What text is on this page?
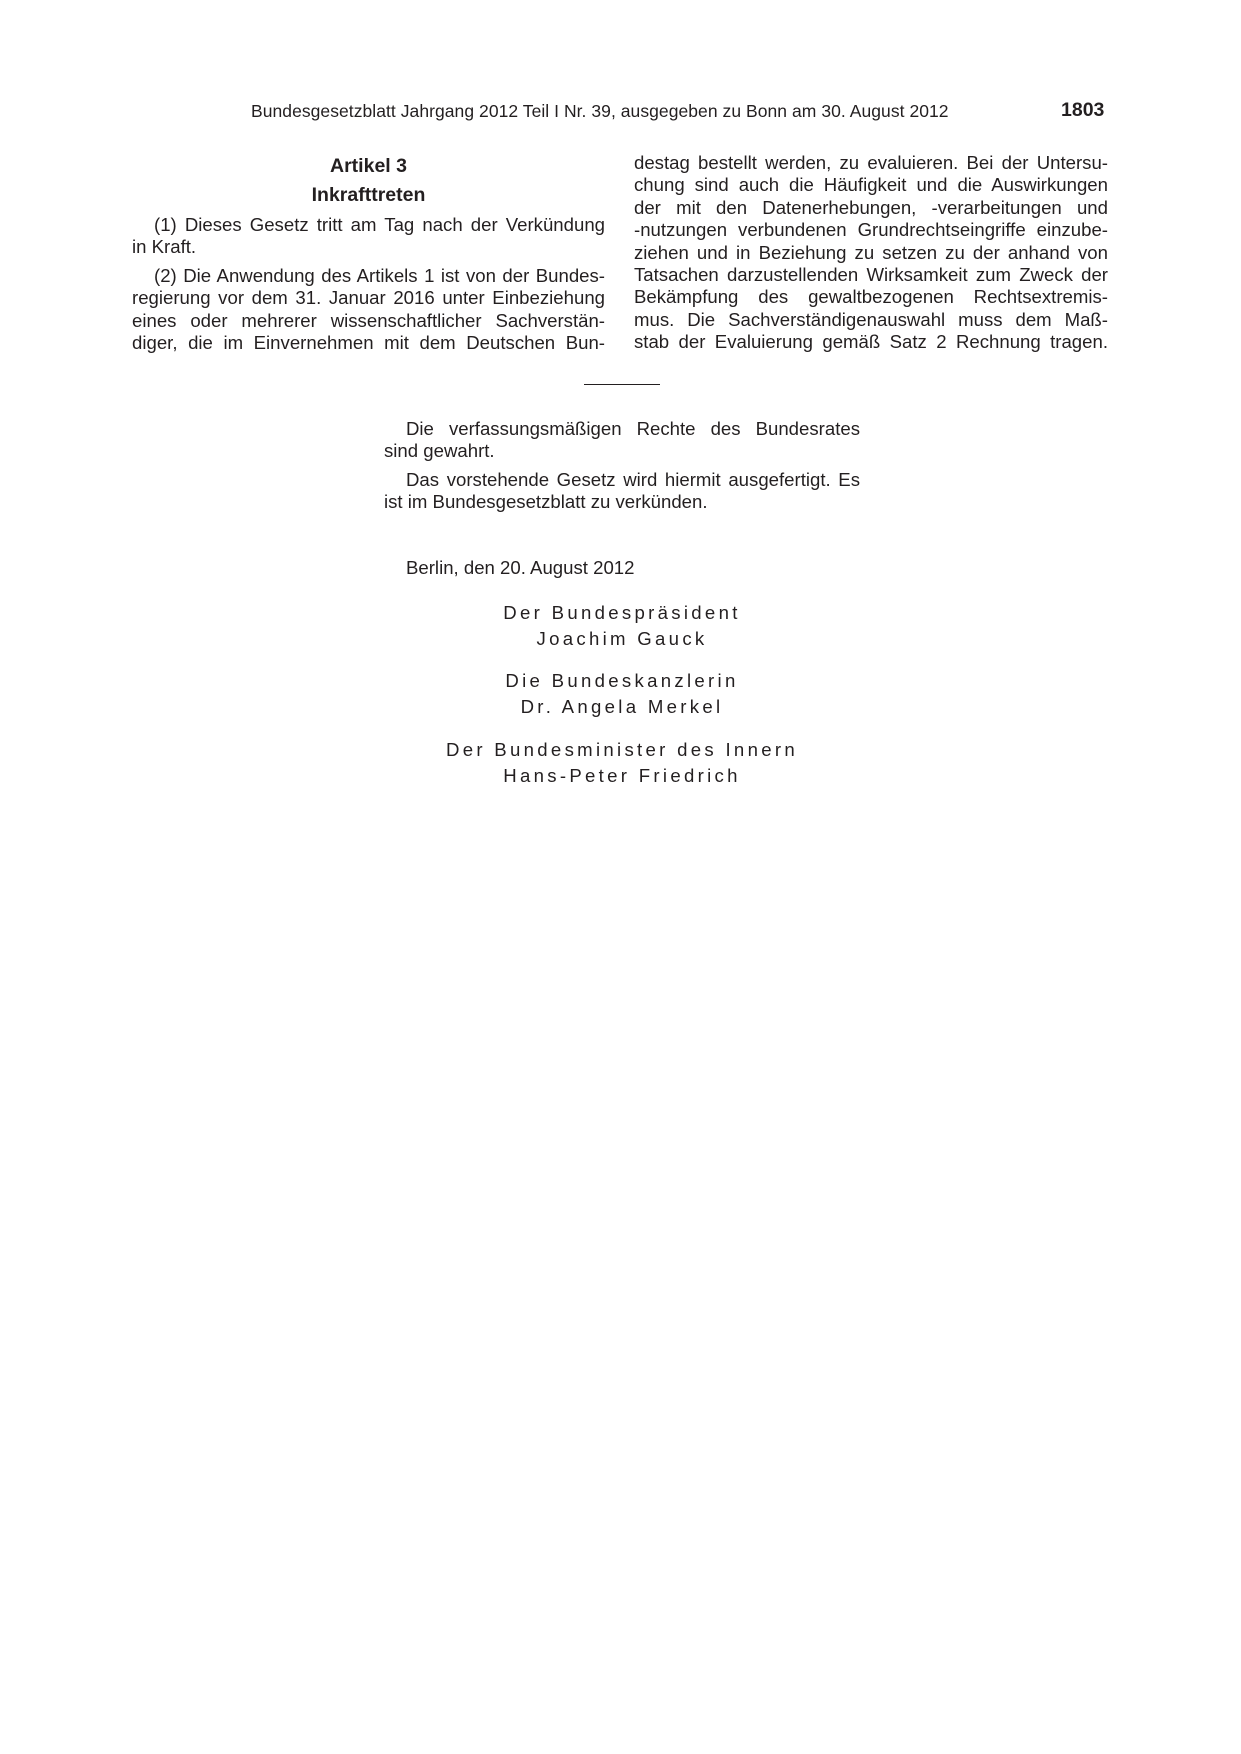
Bundesgesetzblatt Jahrgang 2012 Teil I Nr. 39, ausgegeben zu Bonn am 30. August 2012	1803
Artikel 3
Inkrafttreten

(1) Dieses Gesetz tritt am Tag nach der Verkündung
in Kraft.

(2) Die Anwendung des Artikels 1 ist von der Bundes-
regierung vor dem 31. Januar 2016 unter Einbeziehung
eines oder mehrerer wissenschaftlicher Sachverstän-
diger, die im Einvernehmen mit dem Deutschen Bun-

destag bestellt werden, zu evaluieren. Bei der Untersu-
chung sind auch die Häufigkeit und die Auswirkungen
der mit den Datenerhebungen, -verarbeitungen und
-nutzungen verbundenen Grundrechtseingriffe einzube-
ziehen und in Beziehung zu setzen zu der anhand von
Tatsachen darzustellenden Wirksamkeit zum Zweck der
Bekämpfung des gewaltbezogenen Rechtsextremis-
mus. Die Sachverständigenauswahl muss dem Maß-
stab der Evaluierung gemäß Satz 2 Rechnung tragen.

Die verfassungsmäßigen Rechte des Bundesrates
sind gewahrt.

Das vorstehende Gesetz wird hiermit ausgefertigt. Es
ist im Bundesgesetzblatt zu verkünden.

Berlin, den 20. August 2012
Der Bundespräsident
Joachim Gauck
Die Bundeskanzlerin
Dr. Angela Merkel
Der Bundesminister des Innern
Hans-Peter Friedrich
